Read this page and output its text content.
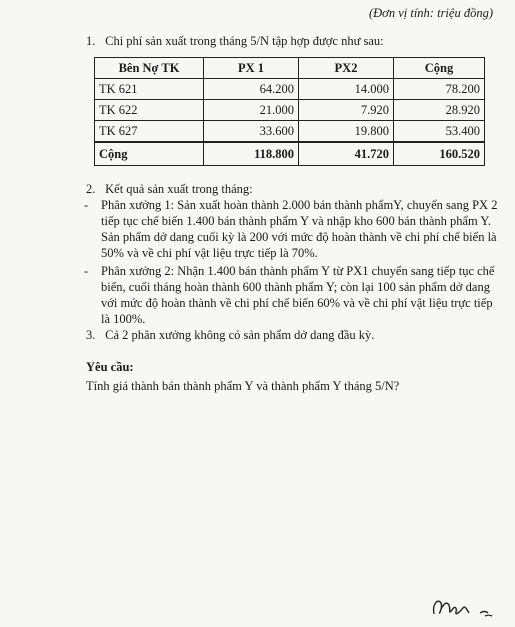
(Đơn vị tính: triệu đồng)
1. Chi phí sản xuất trong tháng 5/N tập hợp được như sau:
Bên Nợ TK	PX 1	PX2	Cộng
TK 621	64.200	14.000	78.200
TK 622	21.000	7.920	28.920
TK 627	33.600	19.800	53.400
Cộng	118.800	41.720	160.520
2. Kết quả sản xuất trong tháng:
- Phân xưởng 1: Sản xuất hoàn thành 2.000 bán thành phẩmY, chuyển sang PX 2
tiếp tục chế biến 1.400 bán thành phẩm Y và nhập kho 600 bán thành phẩm Y.
Sản phẩm dở dang cuối kỳ là 200 với mức độ hoàn thành về chi phí chế biến là
50% và về chi phí vật liệu trực tiếp là 70%.
- Phân xưởng 2: Nhận 1.400 bán thành phẩm Y từ PX1 chuyển sang tiếp tục chế
biến, cuối tháng hoàn thành 600 thành phẩm Y; còn lại 100 sản phẩm dở dang
với mức độ hoàn thành về chi phí chế biến 60% và về chi phí vật liệu trực tiếp
là 100%.
3. Cả 2 phân xưởng không có sản phẩm dở dang đầu kỳ.
Yêu cầu:
Tính giá thành bán thành phẩm Y và thành phẩm Y tháng 5/N?
